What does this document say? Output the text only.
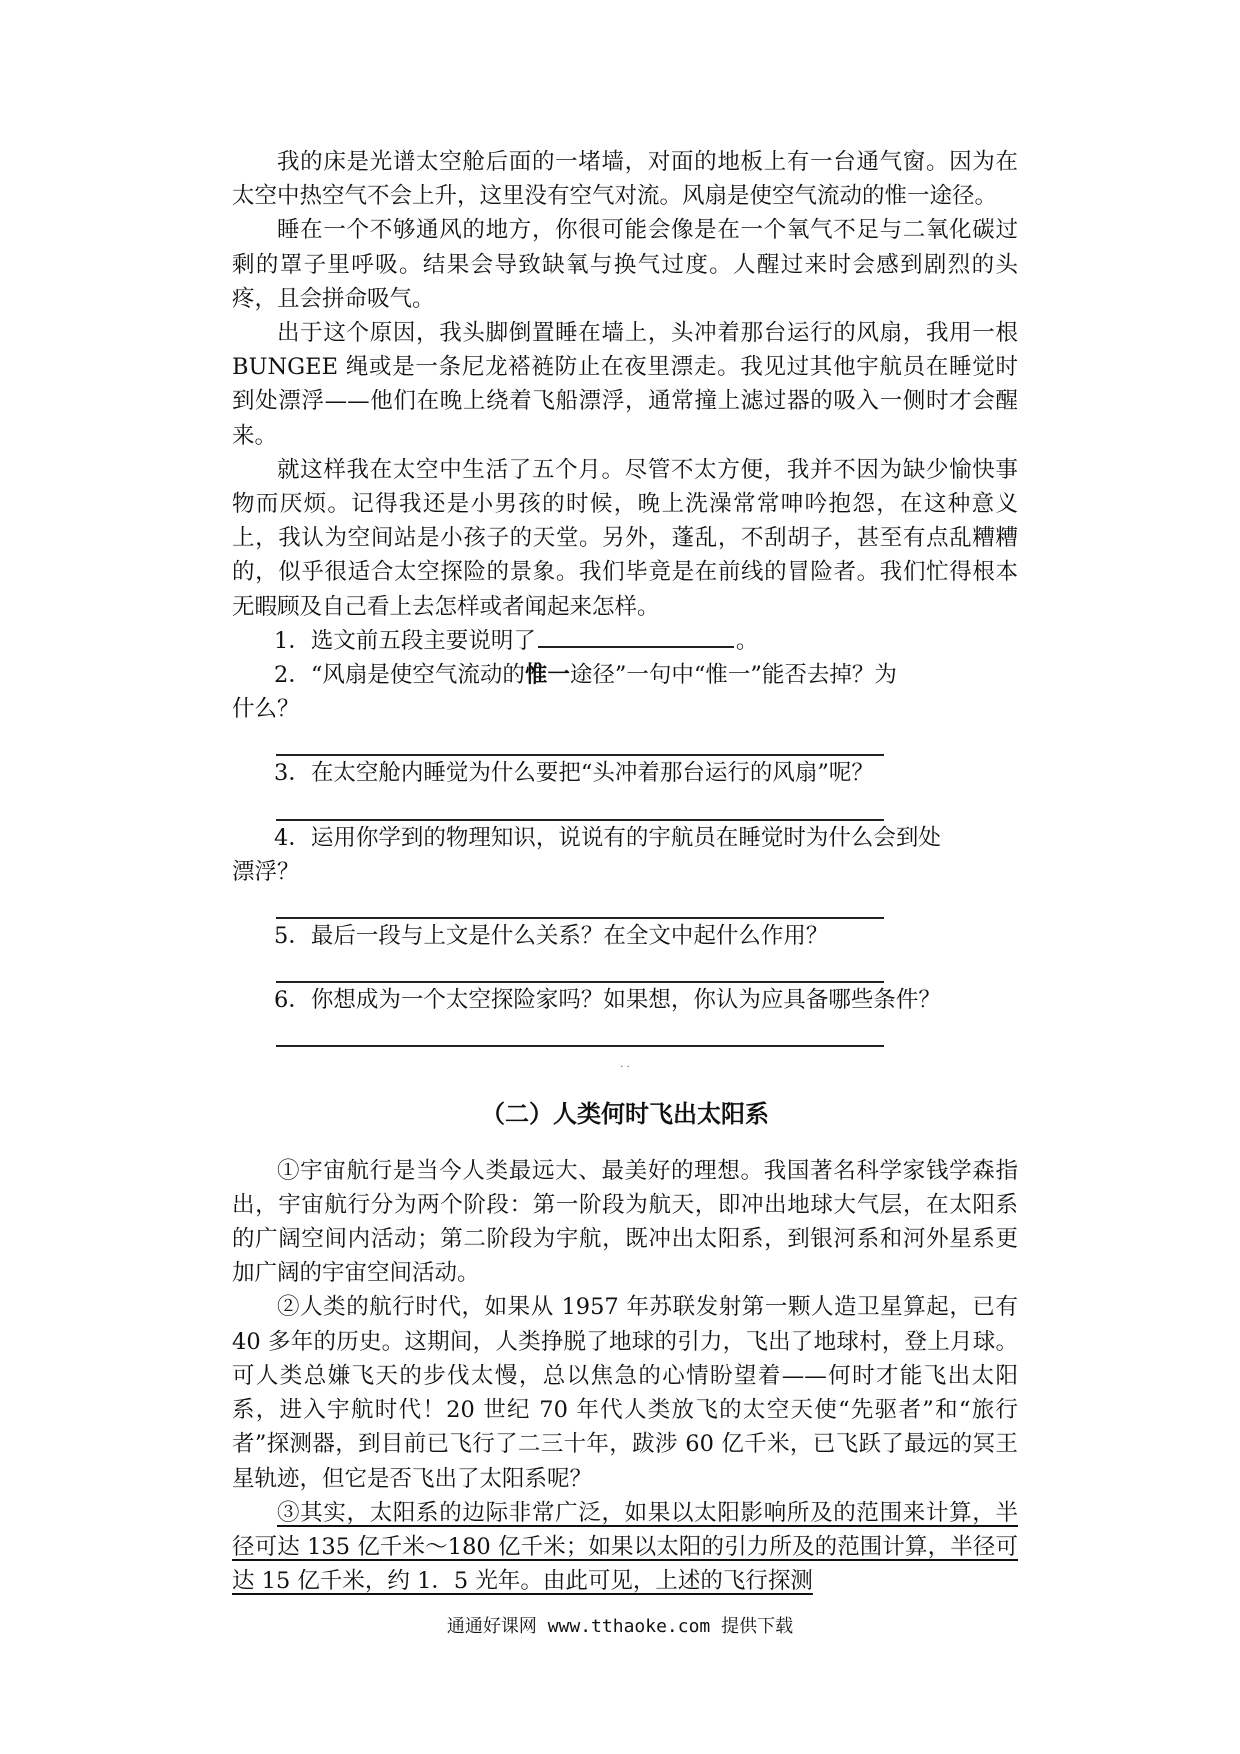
我的床是光谱太空舱后面的一堵墙，对面的地板上有一台通气窗。因为在太空中热空气不会上升，这里没有空气对流。风扇是使空气流动的惟一途径。

睡在一个不够通风的地方，你很可能会像是在一个氧气不足与二氧化碳过剩的罩子里呼吸。结果会导致缺氧与换气过度。人醒过来时会感到剧烈的头疼，且会拼命吸气。

出于这个原因，我头脚倒置睡在墙上，头冲着那台运行的风扇，我用一根 BUNGEE 绳或是一条尼龙褡裢防止在夜里漂走。我见过其他宇航员在睡觉时到处漂浮——他们在晚上绕着飞船漂浮，通常撞上滤过器的吸入一侧时才会醒来。

就这样我在太空中生活了五个月。尽管不太方便，我并不因为缺少愉快事物而厌烦。记得我还是小男孩的时候，晚上洗澡常常呻吟抱怨，在这种意义上，我认为空间站是小孩子的天堂。另外，蓬乱，不刮胡子，甚至有点乱糟糟的，似乎很适合太空探险的景象。我们毕竟是在前线的冒险者。我们忙得根本无暇顾及自己看上去怎样或者闻起来怎样。

1．选文前五段主要说明了	。
2．“风扇是使空气流动的惟一途径”一句中“惟一”能否去掉？为
什么？
3．在太空舱内睡觉为什么要把“头冲着那台运行的风扇”呢？
4．运用你学到的物理知识，说说有的宇航员在睡觉时为什么会到处
漂浮？
5．最后一段与上文是什么关系？在全文中起什么作用？
6．你想成为一个太空探险家吗？如果想，你认为应具备哪些条件？
· ·
（二）人类何时飞出太阳系

①宇宙航行是当今人类最远大、最美好的理想。我国著名科学家钱学森指出，宇宙航行分为两个阶段：第一阶段为航天，即冲出地球大气层，在太阳系的广阔空间内活动；第二阶段为宇航，既冲出太阳系，到银河系和河外星系更加广阔的宇宙空间活动。

②人类的航行时代，如果从 1957 年苏联发射第一颗人造卫星算起，已有 40 多年的历史。这期间，人类挣脱了地球的引力，飞出了地球村，登上月球。可人类总嫌飞天的步伐太慢，总以焦急的心情盼望着——何时才能飞出太阳系，进入宇航时代！20 世纪 70 年代人类放飞的太空天使“先驱者”和“旅行者”探测器，到目前已飞行了二三十年，跋涉 60 亿千米，已飞跃了最远的冥王星轨迹，但它是否飞出了太阳系呢？

③其实，太阳系的边际非常广泛，如果以太阳影响所及的范围来计算，半径可达 135 亿千米～180 亿千米；如果以太阳的引力所及的范围计算，半径可达 15 亿千米，约 1．5 光年。由此可见，上述的飞行探测

通通好课网 www.tthaoke.com 提供下载
